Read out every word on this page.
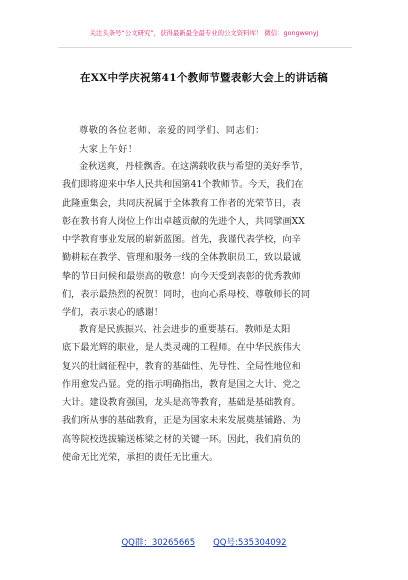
关注头条号“公文研究”，获得最新最全最专业的公文资料库！ 微信：gongwenyj
在XX中学庆祝第41个教师节暨表彰大会上的讲话稿
尊敬的各位老师、亲爱的同学们、同志们：
大家上午好！
金秋送爽，丹桂飘香。在这满载收获与希望的美好季节，
我们即将迎来中华人民共和国第41个教师节。今天，我们在
此隆重集会，共同庆祝属于全体教育工作者的光荣节日，表
彰在教书育人岗位上作出卓越贡献的先进个人，共同擘画XX
中学教育事业发展的崭新蓝图。首先，我谨代表学校，向辛
勤耕耘在教学、管理和服务一线的全体教职员工，致以最诚
挚的节日问候和最崇高的敬意！向今天受到表彰的优秀教师
们，表示最热烈的祝贺！同时，也向心系母校、尊敬师长的同
学们，表示衷心的感谢！
教育是民族振兴、社会进步的重要基石。教师是太阳
底下最光辉的职业，是人类灵魂的工程师。在中华民族伟大
复兴的壮阔征程中，教育的基础性、先导性、全局性地位和
作用愈发凸显。党的指示明确指出，教育是国之大计、党之
大计。建设教育强国，龙头是高等教育，基础是基础教育。
我们所从事的基础教育，正是为国家未来发展奠基铺路、为
高等院校选拔输送栋梁之材的关键一环。因此，我们肩负的
使命无比光荣，承担的责任无比重大。
QQ群：30265665 QQ号:535304092
